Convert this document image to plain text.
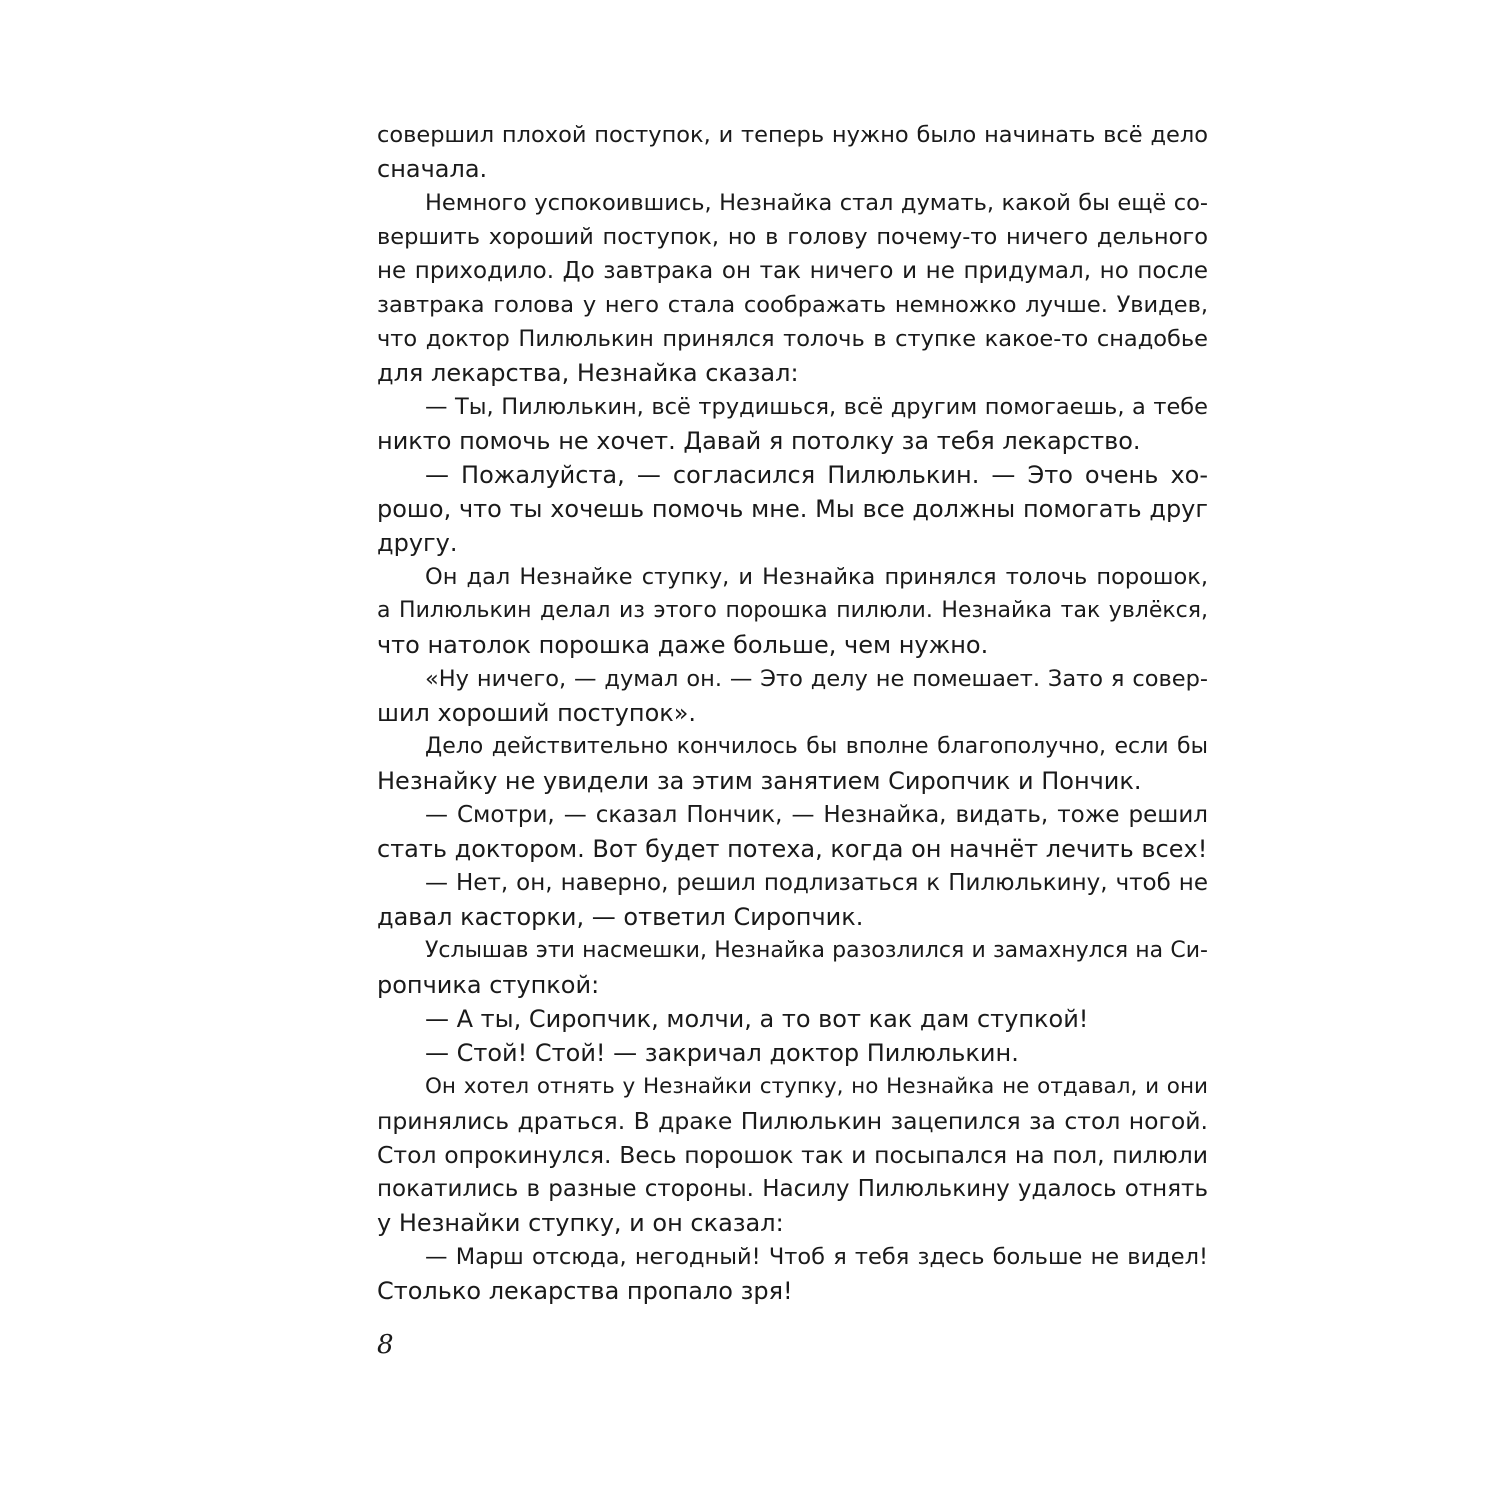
совершил плохой поступок, и теперь нужно было начинать всё дело
сначала.
Немного успокоившись, Незнайка стал думать, какой бы ещё со-
вершить хороший поступок, но в голову почему-то ничего дельного
не приходило. До завтрака он так ничего и не придумал, но после
завтрака голова у него стала соображать немножко лучше. Увидев,
что доктор Пилюлькин принялся толочь в ступке какое-то снадобье
для лекарства, Незнайка сказал:
— Ты, Пилюлькин, всё трудишься, всё другим помогаешь, а тебе
никто помочь не хочет. Давай я потолку за тебя лекарство.
— Пожалуйста, — согласился Пилюлькин. — Это очень хо-
рошо, что ты хочешь помочь мне. Мы все должны помогать друг
другу.
Он дал Незнайке ступку, и Незнайка принялся толочь порошок,
а Пилюлькин делал из этого порошка пилюли. Незнайка так увлёкся,
что натолок порошка даже больше, чем нужно.
«Ну ничего, — думал он. — Это делу не помешает. Зато я совер-
шил хороший поступок».
Дело действительно кончилось бы вполне благополучно, если бы
Незнайку не увидели за этим занятием Сиропчик и Пончик.
— Смотри, — сказал Пончик, — Незнайка, видать, тоже решил
стать доктором. Вот будет потеха, когда он начнёт лечить всех!
— Нет, он, наверно, решил подлизаться к Пилюлькину, чтоб не
давал касторки, — ответил Сиропчик.
Услышав эти насмешки, Незнайка разозлился и замахнулся на Си-
ропчика ступкой:
— А ты, Сиропчик, молчи, а то вот как дам ступкой!
— Стой! Стой! — закричал доктор Пилюлькин.
Он хотел отнять у Незнайки ступку, но Незнайка не отдавал, и они
принялись драться. В драке Пилюлькин зацепился за стол ногой.
Стол опрокинулся. Весь порошок так и посыпался на пол, пилюли
покатились в разные стороны. Насилу Пилюлькину удалось отнять
у Незнайки ступку, и он сказал:
— Марш отсюда, негодный! Чтоб я тебя здесь больше не видел!
Столько лекарства пропало зря!
8
